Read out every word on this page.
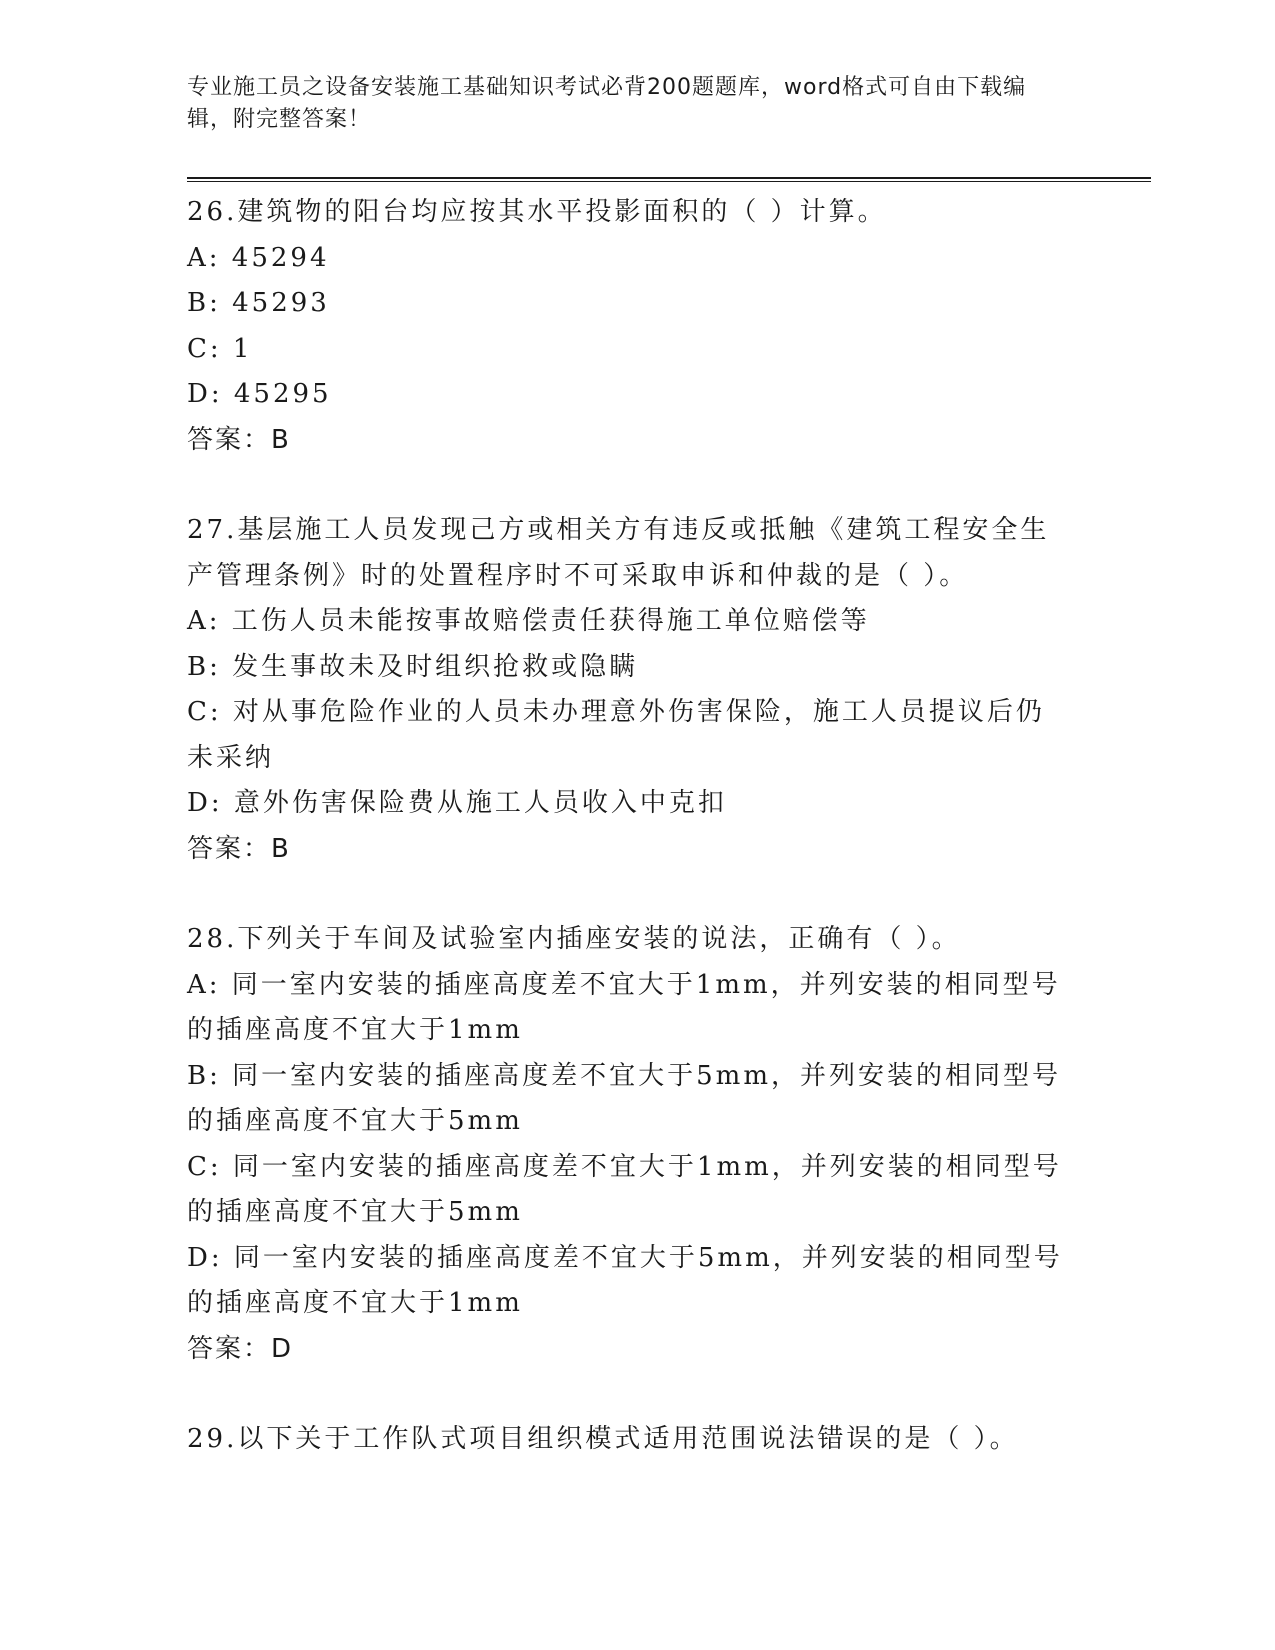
专业施工员之设备安装施工基础知识考试必背200题题库，word格式可自由下载编辑，附完整答案！

26.建筑物的阳台均应按其水平投影面积的（ ）计算。

A: 45294

B: 45293

C: 1

D: 45295

答案：B

27.基层施工人员发现己方或相关方有违反或抵触《建筑工程安全生产管理条例》时的处置程序时不可采取申诉和仲裁的是（ ）。

A: 工伤人员未能按事故赔偿责任获得施工单位赔偿等

B: 发生事故未及时组织抢救或隐瞒

C: 对从事危险作业的人员未办理意外伤害保险，施工人员提议后仍未采纳

D: 意外伤害保险费从施工人员收入中克扣

答案：B

28.下列关于车间及试验室内插座安装的说法，正确有（ ）。

A: 同一室内安装的插座高度差不宜大于1mm，并列安装的相同型号的插座高度不宜大于1mm

B: 同一室内安装的插座高度差不宜大于5mm，并列安装的相同型号的插座高度不宜大于5mm

C: 同一室内安装的插座高度差不宜大于1mm，并列安装的相同型号的插座高度不宜大于5mm

D: 同一室内安装的插座高度差不宜大于5mm，并列安装的相同型号的插座高度不宜大于1mm

答案：D

29.以下关于工作队式项目组织模式适用范围说法错误的是（ ）。
